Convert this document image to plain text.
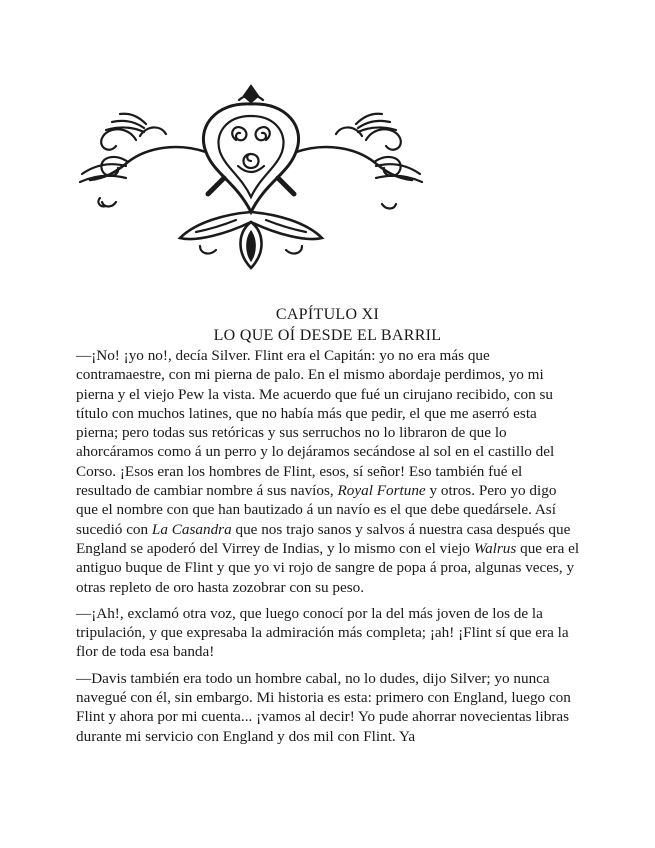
CAPÍTULO XI
LO QUE OÍ DESDE EL BARRIL

—¡No! ¡yo no!, decía Silver. Flint era el Capitán: yo no era más que contramaestre, con mi pierna de palo. En el mismo abordaje perdimos, yo mi pierna y el viejo Pew la vista. Me acuerdo que fué un cirujano recibido, con su título con muchos latines, que no había más que pedir, el que me aserró esta pierna; pero todas sus retóricas y sus serruchos no lo libraron de que lo ahorcáramos como á un perro y lo dejáramos secándose al sol en el castillo del Corso. ¡Esos eran los hombres de Flint, esos, sí señor! Eso también fué el resultado de cambiar nombre á sus navíos, Royal Fortune y otros. Pero yo digo que el nombre con que han bautizado á un navío es el que debe quedársele. Así sucedió con La Casandra que nos trajo sanos y salvos á nuestra casa después que England se apoderó del Virrey de Indias, y lo mismo con el viejo Walrus que era el antiguo buque de Flint y que yo vi rojo de sangre de popa á proa, algunas veces, y otras repleto de oro hasta zozobrar con su peso.

—¡Ah!, exclamó otra voz, que luego conocí por la del más joven de los de la tripulación, y que expresaba la admiración más completa; ¡ah! ¡Flint sí que era la flor de toda esa banda!

—Davis también era todo un hombre cabal, no lo dudes, dijo Silver; yo nunca navegué con él, sin embargo. Mi historia es esta: primero con England, luego con Flint y ahora por mi cuenta... ¡vamos al decir! Yo pude ahorrar novecientas libras durante mi servicio con England y dos mil con Flint. Ya
